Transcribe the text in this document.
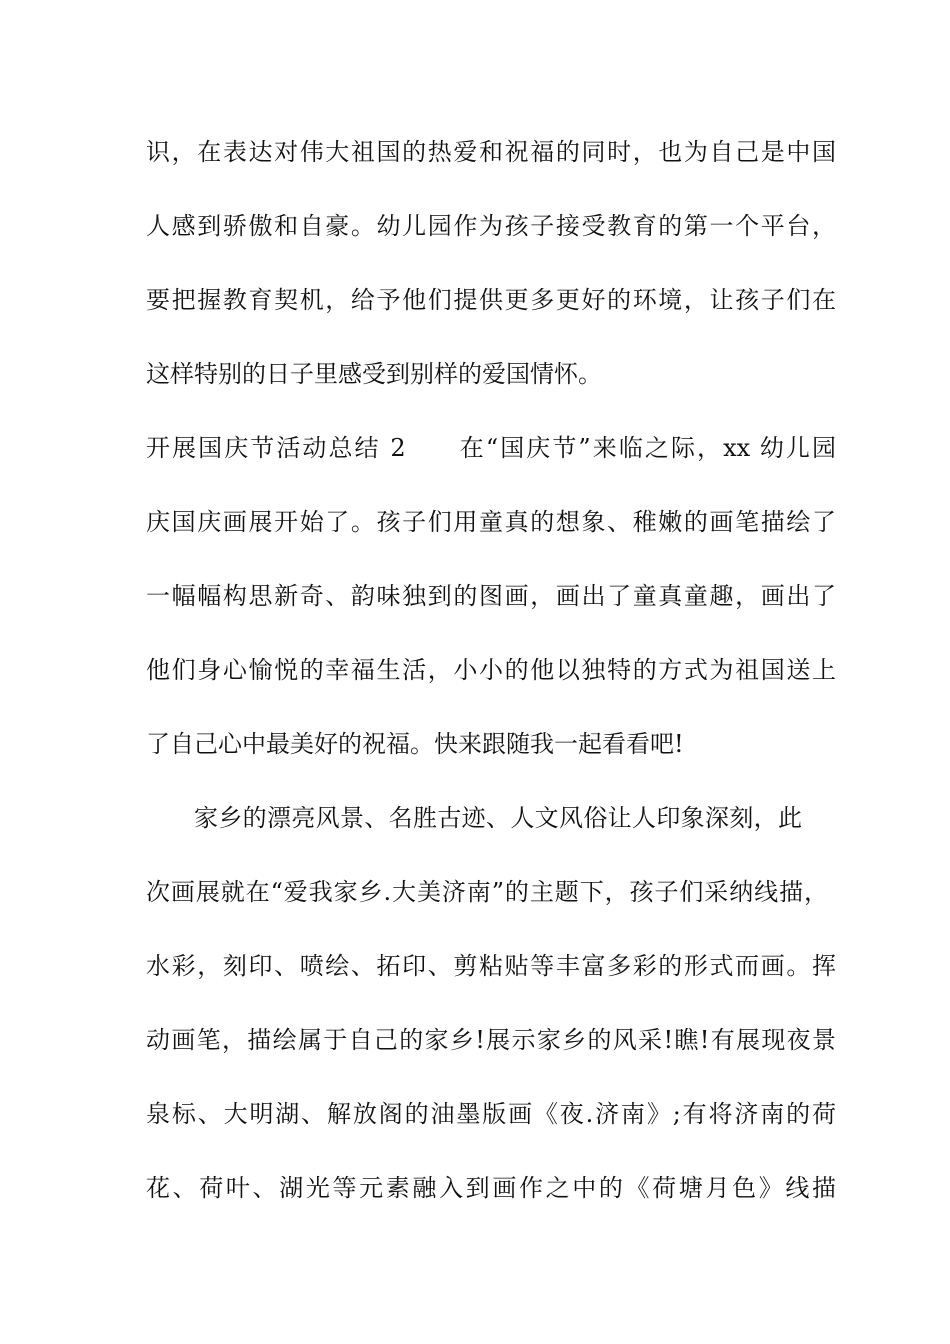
识，在表达对伟大祖国的热爱和祝福的同时，也为自己是中国
人感到骄傲和自豪。幼儿园作为孩子接受教育的第一个平台，
要把握教育契机，给予他们提供更多更好的环境，让孩子们在
这样特别的日子里感受到别样的爱国情怀。
开展国庆节活动总结 2　　在“国庆节”来临之际，xx 幼儿园
庆国庆画展开始了。孩子们用童真的想象、稚嫩的画笔描绘了
一幅幅构思新奇、韵味独到的图画，画出了童真童趣，画出了
他们身心愉悦的幸福生活，小小的他以独特的方式为祖国送上
了自己心中最美好的祝福。快来跟随我一起看看吧!
家乡的漂亮风景、名胜古迹、人文风俗让人印象深刻，此
次画展就在“爱我家乡.大美济南”的主题下，孩子们采纳线描，
水彩，刻印、喷绘、拓印、剪粘贴等丰富多彩的形式而画。挥
动画笔，描绘属于自己的家乡!展示家乡的风采!瞧!有展现夜景
泉标、大明湖、解放阁的油墨版画《夜.济南》;有将济南的荷
花、荷叶、湖光等元素融入到画作之中的《荷塘月色》线描
